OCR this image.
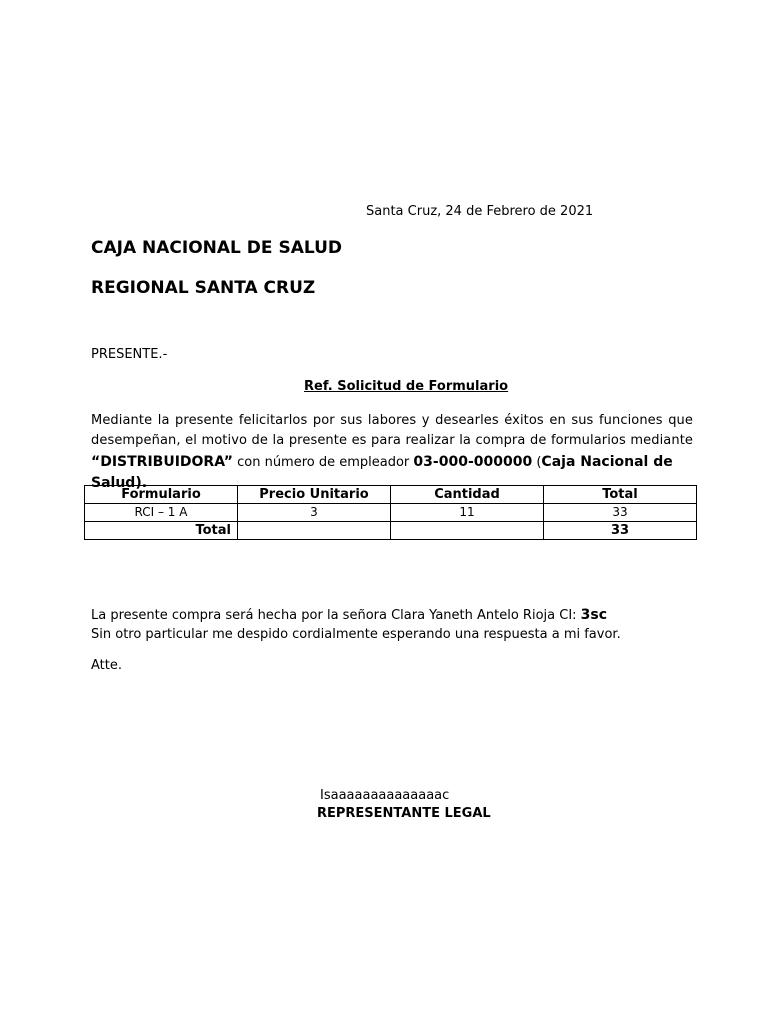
Santa Cruz, 24 de Febrero de 2021
CAJA NACIONAL DE SALUD
REGIONAL SANTA CRUZ
PRESENTE.-
Ref. Solicitud de Formulario
Mediante la presente felicitarlos por sus labores y desearles éxitos en sus funciones que
desempeñan, el motivo de la presente es para realizar la compra de formularios mediante
“DISTRIBUIDORA” con número de empleador 03-000-000000 (Caja Nacional de Salud).
Formulario	Precio Unitario	Cantidad	Total
RCI – 1 A	3	11	33
Total			33
La presente compra será hecha por la señora Clara Yaneth Antelo Rioja CI: 3sc
Sin otro particular me despido cordialmente esperando una respuesta a mi favor.
Atte.
Isaaaaaaaaaaaaaac
REPRESENTANTE LEGAL
